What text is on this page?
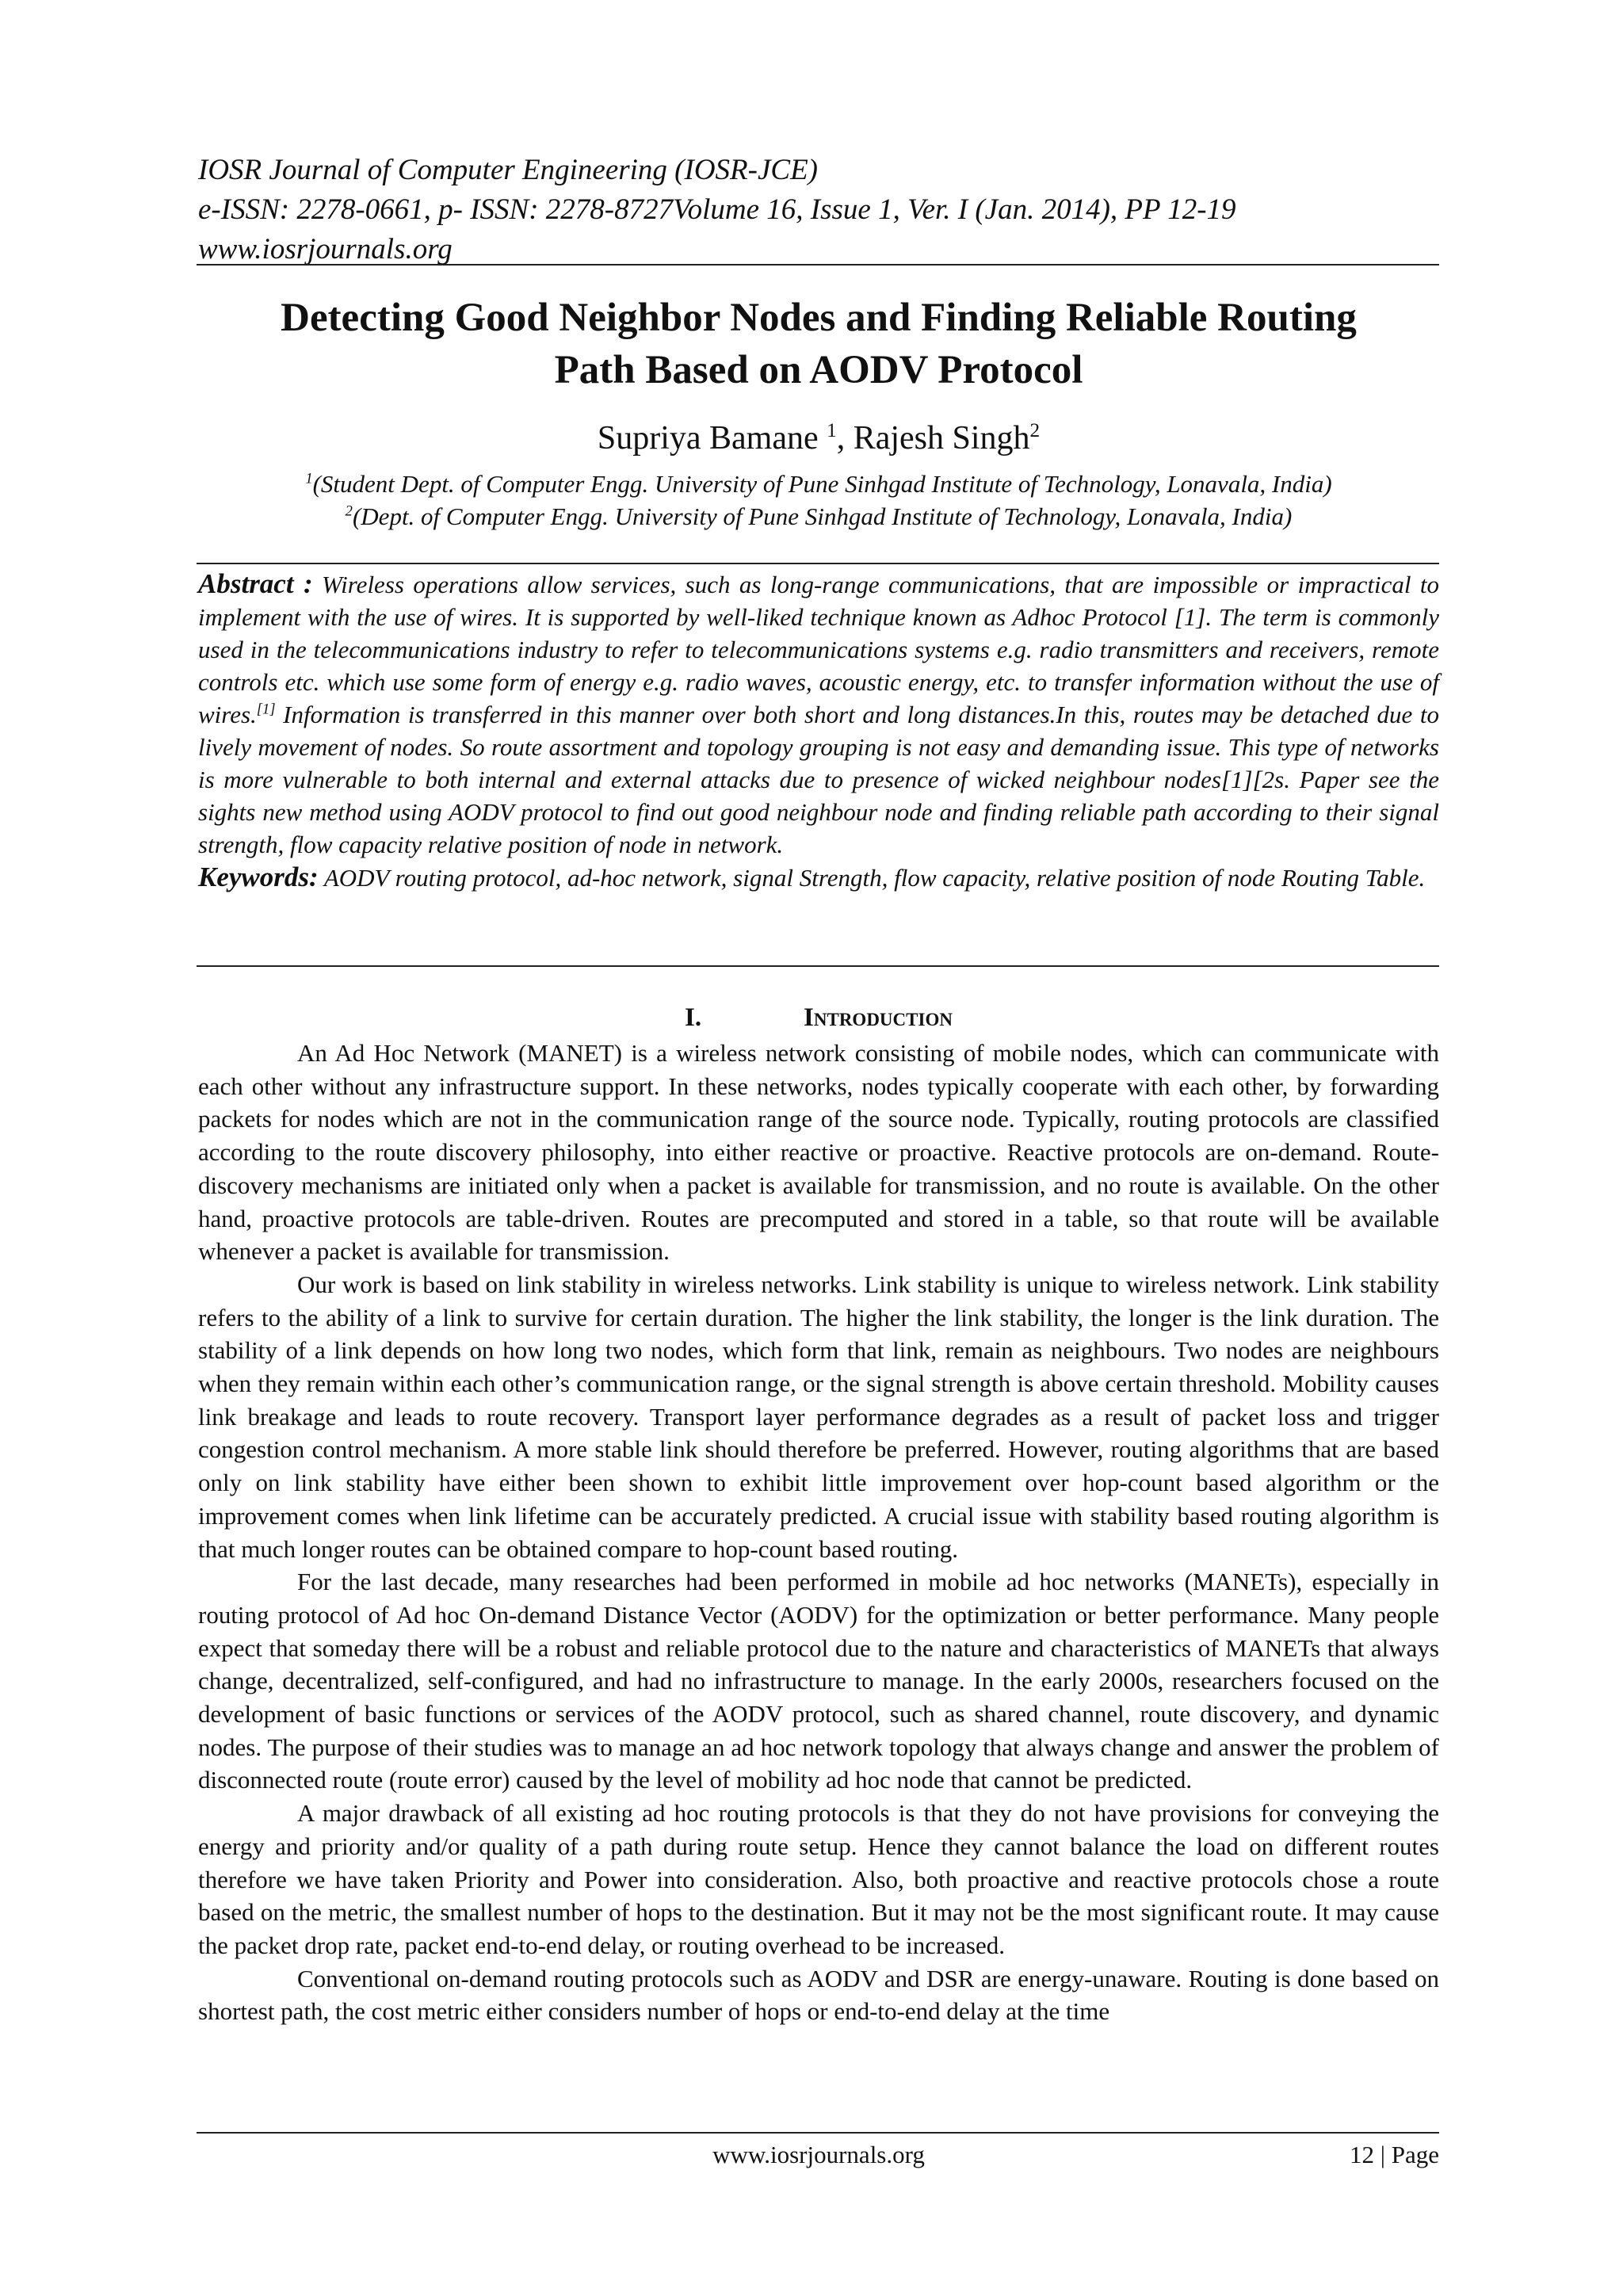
IOSR Journal of Computer Engineering (IOSR-JCE)
e-ISSN: 2278-0661, p- ISSN: 2278-8727Volume 16, Issue 1, Ver. I (Jan. 2014), PP 12-19
www.iosrjournals.org
Detecting Good Neighbor Nodes and Finding Reliable Routing
Path Based on AODV Protocol
Supriya Bamane $^1$, Rajesh Singh$^2$
$^1$(Student Dept. of Computer Engg. University of Pune Sinhgad Institute of Technology, Lonavala, India)
$^2$(Dept. of Computer Engg. University of Pune Sinhgad Institute of Technology, Lonavala, India)

Abstract : Wireless operations allow services, such as long-range communications, that are impossible or impractical to implement with the use of wires. It is supported by well-liked technique known as Adhoc Protocol [1]. The term is commonly used in the telecommunications industry to refer to telecommunications systems e.g. radio transmitters and receivers, remote controls etc. which use some form of energy e.g. radio waves, acoustic energy, etc. to transfer information without the use of wires.[1] Information is transferred in this manner over both short and long distances.In this, routes may be detached due to lively movement of nodes. So route assortment and topology grouping is not easy and demanding issue. This type of networks is more vulnerable to both internal and external attacks due to presence of wicked neighbour nodes[1][2s. Paper see the sights new method using AODV protocol to find out good neighbour node and finding reliable path according to their signal strength, flow capacity relative position of node in network.

Keywords: AODV routing protocol, ad-hoc network, signal Strength, flow capacity, relative position of node Routing Table.

I.	Introduction

An Ad Hoc Network (MANET) is a wireless network consisting of mobile nodes, which can communicate with each other without any infrastructure support. In these networks, nodes typically cooperate with each other, by forwarding packets for nodes which are not in the communication range of the source node. Typically, routing protocols are classified according to the route discovery philosophy, into either reactive or proactive. Reactive protocols are on-demand. Route-discovery mechanisms are initiated only when a packet is available for transmission, and no route is available. On the other hand, proactive protocols are table-driven. Routes are precomputed and stored in a table, so that route will be available whenever a packet is available for transmission.

Our work is based on link stability in wireless networks. Link stability is unique to wireless network. Link stability refers to the ability of a link to survive for certain duration. The higher the link stability, the longer is the link duration. The stability of a link depends on how long two nodes, which form that link, remain as neighbours. Two nodes are neighbours when they remain within each other’s communication range, or the signal strength is above certain threshold. Mobility causes link breakage and leads to route recovery. Transport layer performance degrades as a result of packet loss and trigger congestion control mechanism. A more stable link should therefore be preferred. However, routing algorithms that are based only on link stability have either been shown to exhibit little improvement over hop-count based algorithm or the improvement comes when link lifetime can be accurately predicted. A crucial issue with stability based routing algorithm is that much longer routes can be obtained compare to hop-count based routing.

For the last decade, many researches had been performed in mobile ad hoc networks (MANETs), especially in routing protocol of Ad hoc On-demand Distance Vector (AODV) for the optimization or better performance. Many people expect that someday there will be a robust and reliable protocol due to the nature and characteristics of MANETs that always change, decentralized, self-configured, and had no infrastructure to manage. In the early 2000s, researchers focused on the development of basic functions or services of the AODV protocol, such as shared channel, route discovery, and dynamic nodes. The purpose of their studies was to manage an ad hoc network topology that always change and answer the problem of disconnected route (route error) caused by the level of mobility ad hoc node that cannot be predicted.

A major drawback of all existing ad hoc routing protocols is that they do not have provisions for conveying the energy and priority and/or quality of a path during route setup. Hence they cannot balance the load on different routes therefore we have taken Priority and Power into consideration. Also, both proactive and reactive protocols chose a route based on the metric, the smallest number of hops to the destination. But it may not be the most significant route. It may cause the packet drop rate, packet end-to-end delay, or routing overhead to be increased.

Conventional on-demand routing protocols such as AODV and DSR are energy-unaware. Routing is done based on shortest path, the cost metric either considers number of hops or end-to-end delay at the time

www.iosrjournals.org	12 | Page
